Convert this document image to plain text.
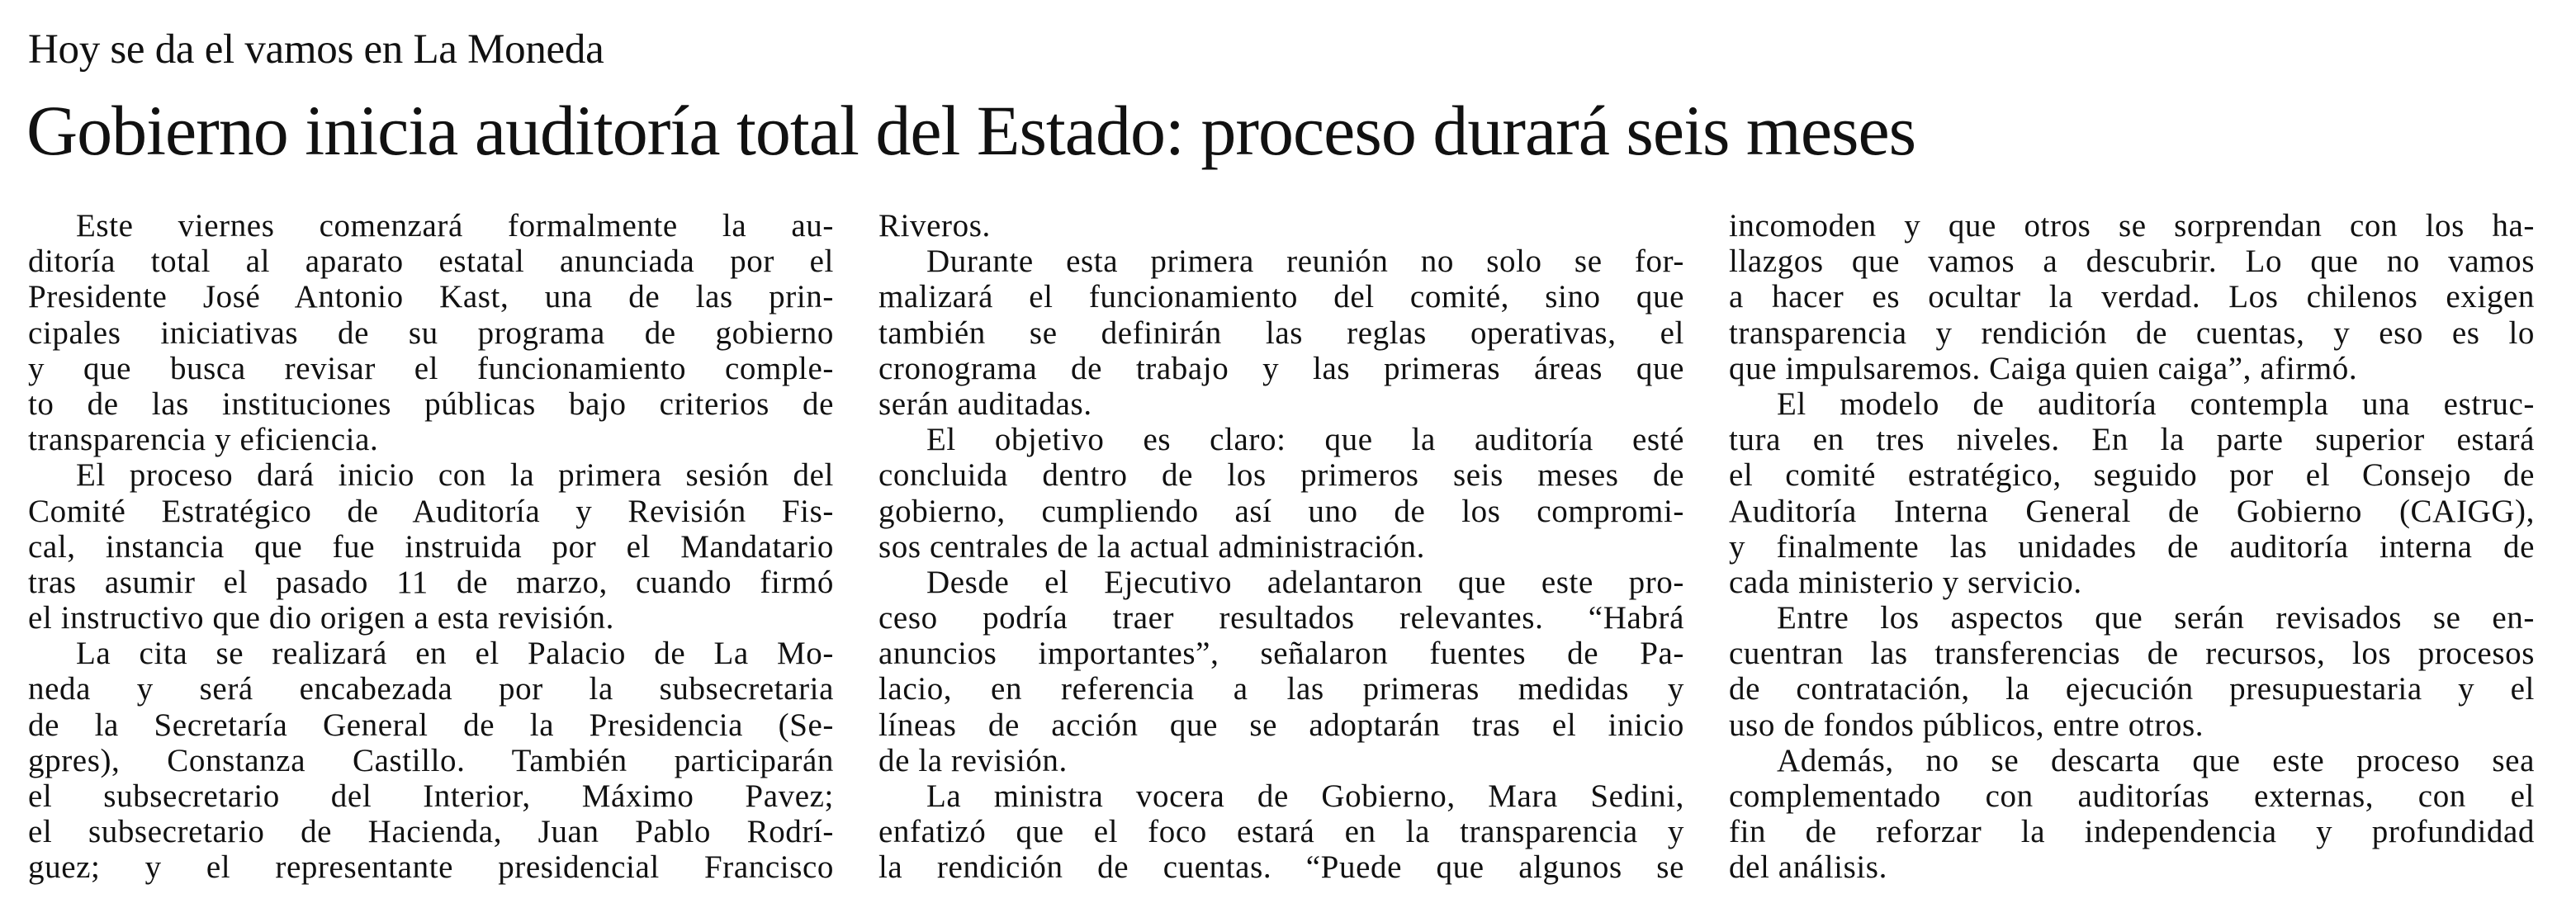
Hoy se da el vamos en La Moneda
Gobierno inicia auditoría total del Estado: proceso durará seis meses
Este viernes comenzará formalmente la au-
ditoría total al aparato estatal anunciada por el
Presidente José Antonio Kast, una de las prin-
cipales iniciativas de su programa de gobierno
y que busca revisar el funcionamiento comple-
to de las instituciones públicas bajo criterios de
transparencia y eficiencia.
El proceso dará inicio con la primera sesión del
Comité Estratégico de Auditoría y Revisión Fis-
cal, instancia que fue instruida por el Mandatario
tras asumir el pasado 11 de marzo, cuando firmó
el instructivo que dio origen a esta revisión.
La cita se realizará en el Palacio de La Mo-
neda y será encabezada por la subsecretaria
de la Secretaría General de la Presidencia (Se-
gpres), Constanza Castillo. También participarán
el subsecretario del Interior, Máximo Pavez;
el subsecretario de Hacienda, Juan Pablo Rodrí-
guez; y el representante presidencial Francisco
Riveros.
Durante esta primera reunión no solo se for-
malizará el funcionamiento del comité, sino que
también se definirán las reglas operativas, el
cronograma de trabajo y las primeras áreas que
serán auditadas.
El objetivo es claro: que la auditoría esté
concluida dentro de los primeros seis meses de
gobierno, cumpliendo así uno de los compromi-
sos centrales de la actual administración.
Desde el Ejecutivo adelantaron que este pro-
ceso podría traer resultados relevantes. “Habrá
anuncios importantes”, señalaron fuentes de Pa-
lacio, en referencia a las primeras medidas y
líneas de acción que se adoptarán tras el inicio
de la revisión.
La ministra vocera de Gobierno, Mara Sedini,
enfatizó que el foco estará en la transparencia y
la rendición de cuentas. “Puede que algunos se
incomoden y que otros se sorprendan con los ha-
llazgos que vamos a descubrir. Lo que no vamos
a hacer es ocultar la verdad. Los chilenos exigen
transparencia y rendición de cuentas, y eso es lo
que impulsaremos. Caiga quien caiga”, afirmó.
El modelo de auditoría contempla una estruc-
tura en tres niveles. En la parte superior estará
el comité estratégico, seguido por el Consejo de
Auditoría Interna General de Gobierno (CAIGG),
y finalmente las unidades de auditoría interna de
cada ministerio y servicio.
Entre los aspectos que serán revisados se en-
cuentran las transferencias de recursos, los procesos
de contratación, la ejecución presupuestaria y el
uso de fondos públicos, entre otros.
Además, no se descarta que este proceso sea
complementado con auditorías externas, con el
fin de reforzar la independencia y profundidad
del análisis.
